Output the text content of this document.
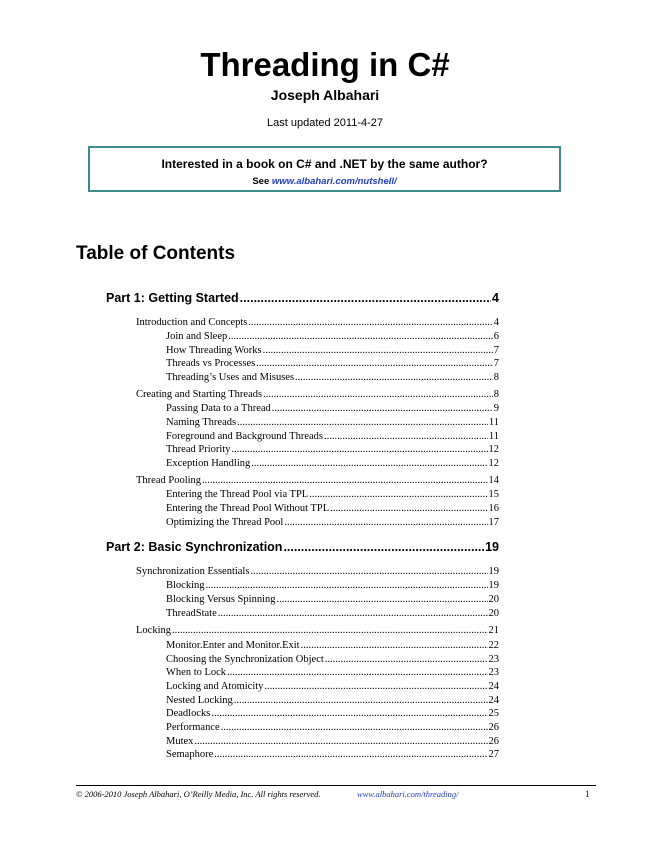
Threading in C#
Joseph Albahari
Last updated 2011-4-27
Interested in a book on C# and .NET by the same author?
See www.albahari.com/nutshell/
Table of Contents
Part 1: Getting Started .....	4
Introduction and Concepts .....	4
Join and Sleep .....	6
How Threading Works .....	7
Threads vs Processes .....	7
Threading’s Uses and Misuses .....	8
Creating and Starting Threads .....	8
Passing Data to a Thread .....	9
Naming Threads .....	11
Foreground and Background Threads .....	11
Thread Priority .....	12
Exception Handling .....	12
Thread Pooling .....	14
Entering the Thread Pool via TPL .....	15
Entering the Thread Pool Without TPL .....	16
Optimizing the Thread Pool .....	17
Part 2: Basic Synchronization .....	19
Synchronization Essentials .....	19
Blocking .....	19
Blocking Versus Spinning .....	20
ThreadState .....	20
Locking .....	21
Monitor.Enter and Monitor.Exit .....	22
Choosing the Synchronization Object .....	23
When to Lock .....	23
Locking and Atomicity .....	24
Nested Locking .....	24
Deadlocks .....	25
Performance .....	26
Mutex .....	26
Semaphore .....	27
© 2006-2010 Joseph Albahari, O’Reilly Media, Inc. All rights reserved.	www.albahari.com/threading/	1
